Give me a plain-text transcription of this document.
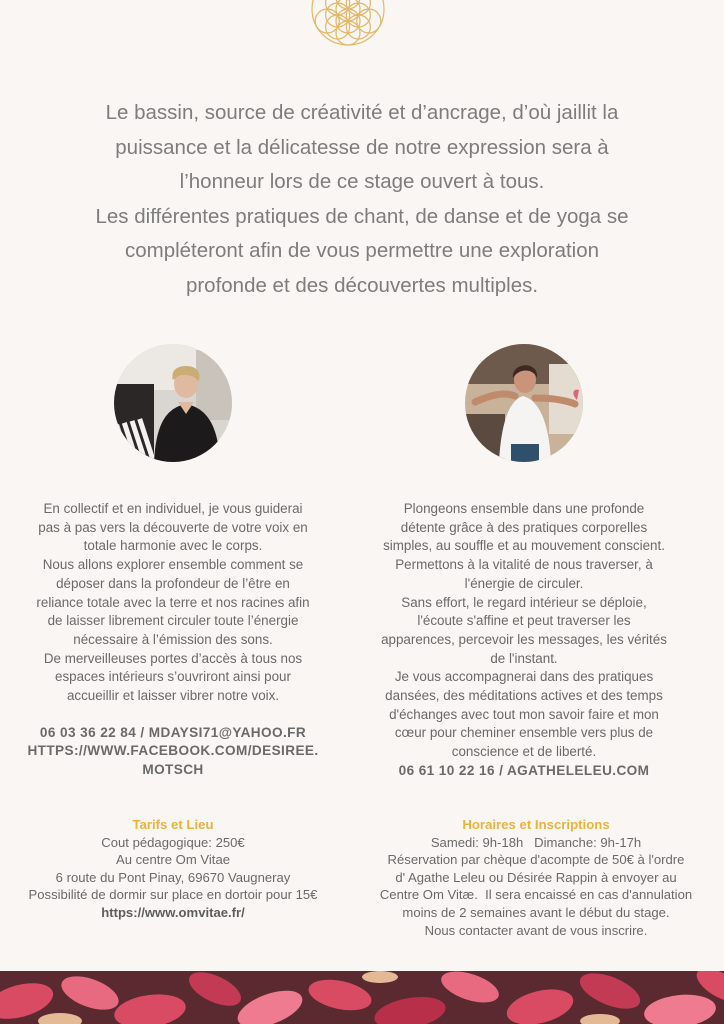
Le bassin, source de créativité et d’ancrage, d’où jaillit la

puissance et la délicatesse de notre expression sera à

l’honneur lors de ce stage ouvert à tous.

Les différentes pratiques de chant, de danse et de yoga se

compléteront afin de vous permettre une exploration

profonde et des découvertes multiples.

En collectif et en individuel, je vous guiderai

pas à pas vers la découverte de votre voix en

totale harmonie avec le corps.

Nous allons explorer ensemble comment se

déposer dans la profondeur de l’être en

reliance totale avec la terre et nos racines afin

de laisser librement circuler toute l’énergie

nécessaire à l’émission des sons.

De merveilleuses portes d’accès à tous nos

espaces intérieurs s’ouvriront ainsi pour

accueillir et laisser vibrer notre voix.

06 03 36 22 84 / MDAYSI71@YAHOO.FR

HTTPS://WWW.FACEBOOK.COM/DESIREE.

MOTSCH

Plongeons ensemble dans une profonde

détente grâce à des pratiques corporelles

simples, au souffle et au mouvement conscient.

Permettons à la vitalité de nous traverser, à

l'énergie de circuler.

Sans effort, le regard intérieur se déploie,

l'écoute s'affine et peut traverser les

apparences, percevoir les messages, les vérités

de l'instant.

Je vous accompagnerai dans des pratiques

dansées, des méditations actives et des temps

d'échanges avec tout mon savoir faire et mon

cœur pour cheminer ensemble vers plus de

conscience et de liberté.

06 61 10 22 16 / AGATHELELEU.COM

Tarifs et Lieu

Cout pédagogique: 250€

Au centre Om Vitae

6 route du Pont Pinay, 69670 Vaugneray

Possibilité de dormir sur place en dortoir pour 15€

https://www.omvitae.fr/

Horaires et Inscriptions

Samedi: 9h-18h   Dimanche: 9h-17h

Réservation par chèque d'acompte de 50€ à l'ordre

d' Agathe Leleu ou Désirée Rappin à envoyer au

Centre Om Vitæ.  Il sera encaissé en cas d'annulation

moins de 2 semaines avant le début du stage.

Nous contacter avant de vous inscrire.
